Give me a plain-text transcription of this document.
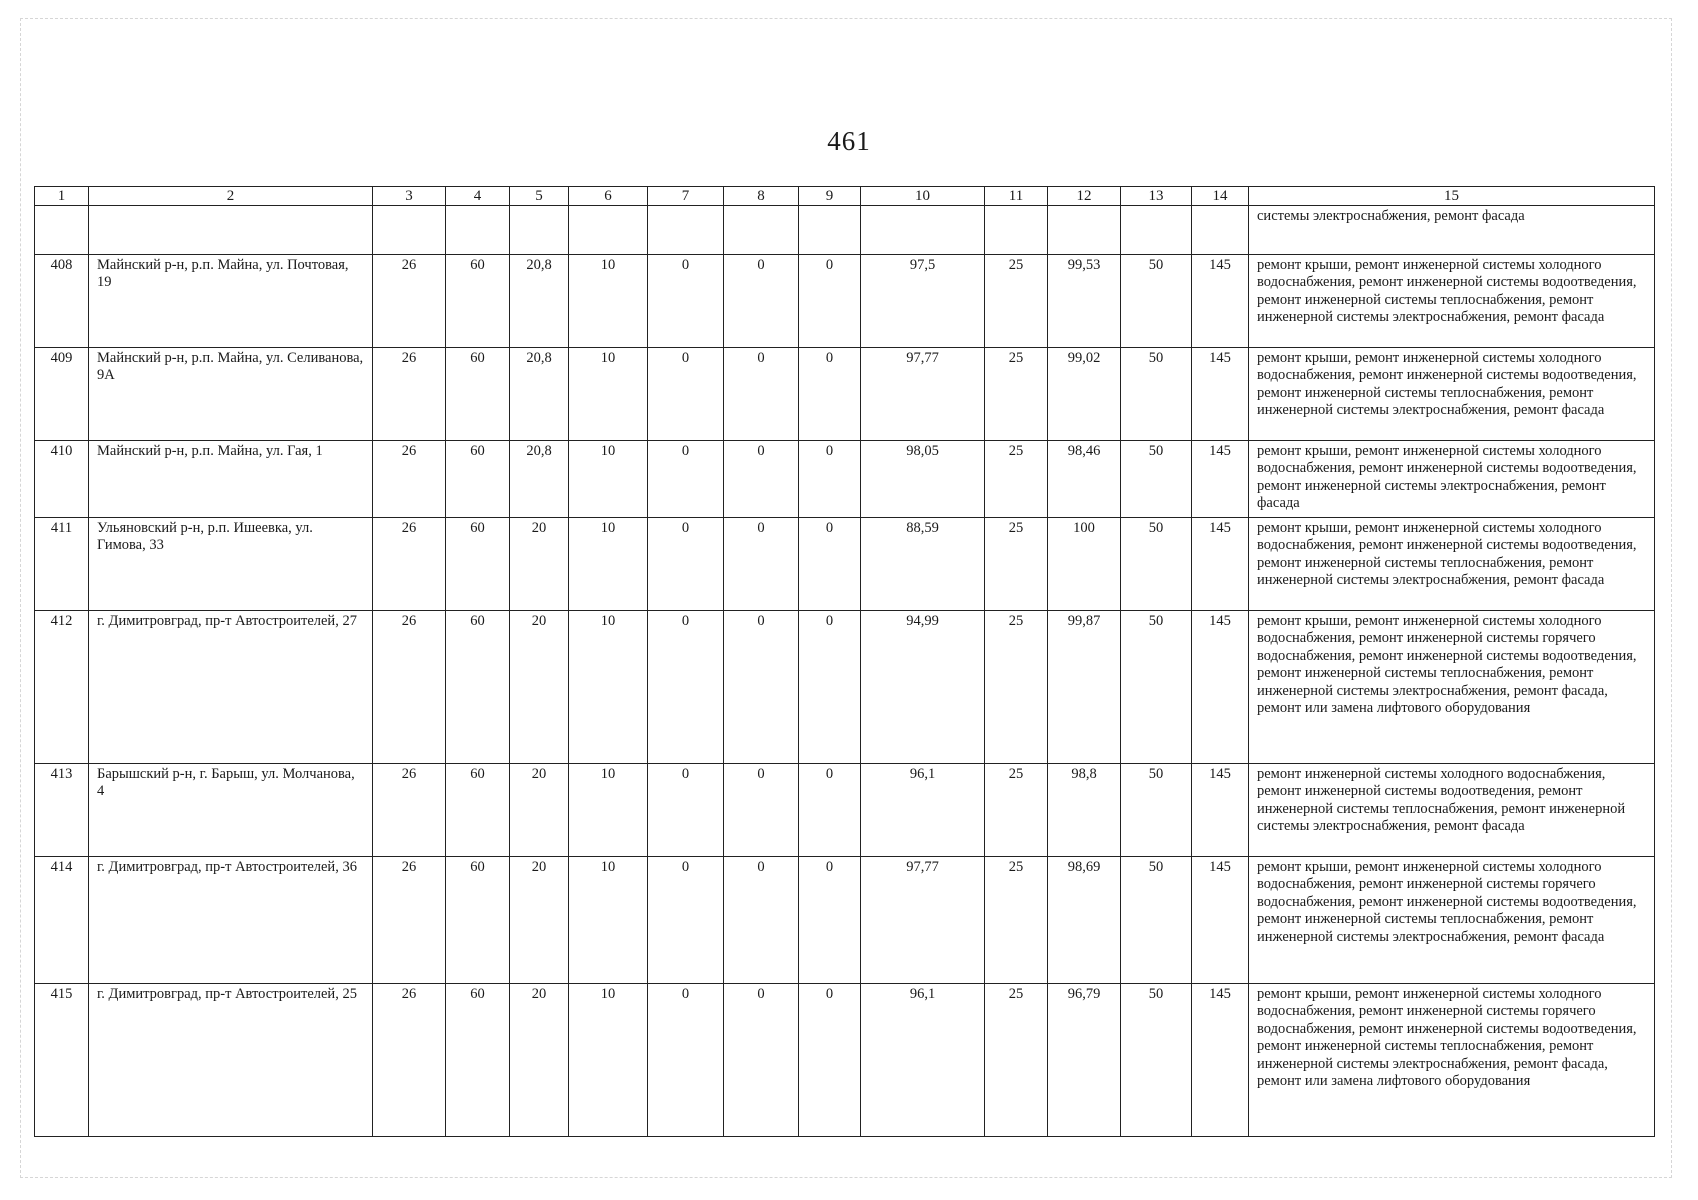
461
1	2	3	4	5	6	7	8	9	10	11	12	13	14	15
														системы электроснабжения, ремонт фасада
408	Майнский р-н, р.п. Майна, ул. Почтовая, 19	26	60	20,8	10	0	0	0	97,5	25	99,53	50	145	ремонт крыши, ремонт инженерной системы холодного водоснабжения, ремонт инженерной системы водоотведения, ремонт инженерной системы теплоснабжения, ремонт инженерной системы электроснабжения, ремонт фасада
409	Майнский р-н, р.п. Майна, ул. Селиванова, 9А	26	60	20,8	10	0	0	0	97,77	25	99,02	50	145	ремонт крыши, ремонт инженерной системы холодного водоснабжения, ремонт инженерной системы водоотведения, ремонт инженерной системы теплоснабжения, ремонт инженерной системы электроснабжения, ремонт фасада
410	Майнский р-н, р.п. Майна, ул. Гая, 1	26	60	20,8	10	0	0	0	98,05	25	98,46	50	145	ремонт крыши, ремонт инженерной системы холодного водоснабжения, ремонт инженерной системы водоотведения, ремонт инженерной системы электроснабжения, ремонт фасада
411	Ульяновский р-н, р.п. Ишеевка, ул. Гимова, 33	26	60	20	10	0	0	0	88,59	25	100	50	145	ремонт крыши, ремонт инженерной системы холодного водоснабжения, ремонт инженерной системы водоотведения, ремонт инженерной системы теплоснабжения, ремонт инженерной системы электроснабжения, ремонт фасада
412	г. Димитровград, пр-т Автостроителей, 27	26	60	20	10	0	0	0	94,99	25	99,87	50	145	ремонт крыши, ремонт инженерной системы холодного водоснабжения, ремонт инженерной системы горячего водоснабжения, ремонт инженерной системы водоотведения, ремонт инженерной системы теплоснабжения, ремонт инженерной системы электроснабжения, ремонт фасада, ремонт или замена лифтового оборудования
413	Барышский р-н, г. Барыш, ул. Молчанова, 4	26	60	20	10	0	0	0	96,1	25	98,8	50	145	ремонт инженерной системы холодного водоснабжения, ремонт инженерной системы водоотведения, ремонт инженерной системы теплоснабжения, ремонт инженерной системы электроснабжения, ремонт фасада
414	г. Димитровград, пр-т Автостроителей, 36	26	60	20	10	0	0	0	97,77	25	98,69	50	145	ремонт крыши, ремонт инженерной системы холодного водоснабжения, ремонт инженерной системы горячего водоснабжения, ремонт инженерной системы водоотведения, ремонт инженерной системы теплоснабжения, ремонт инженерной системы электроснабжения, ремонт фасада
415	г. Димитровград, пр-т Автостроителей, 25	26	60	20	10	0	0	0	96,1	25	96,79	50	145	ремонт крыши, ремонт инженерной системы холодного водоснабжения, ремонт инженерной системы горячего водоснабжения, ремонт инженерной системы водоотведения, ремонт инженерной системы теплоснабжения, ремонт инженерной системы электроснабжения, ремонт фасада, ремонт или замена лифтового оборудования
